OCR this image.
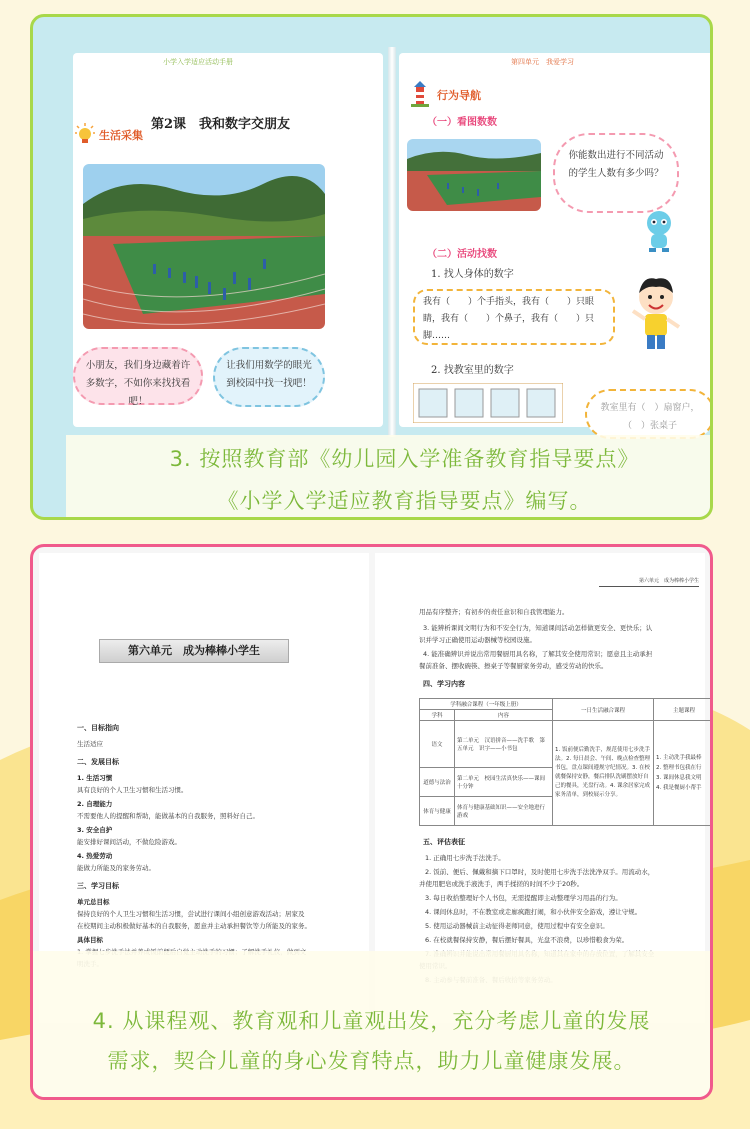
小学入学适应活动手册
第2课　我和数字交朋友
生活采集
小朋友，我们身边藏着许多数字，不如你来找找看吧！
让我们用数学的眼光到校园中找一找吧！
第四单元　我爱学习
行为导航
（一）看图数数
你能数出进行不同活动的学生人数有多少吗？
（二）活动找数
1. 找人身体的数字
我有（　　）个手指头，我有（　　）只眼睛，我有（　　）个鼻子，我有（　　）只脚……
2. 找教室里的数字
教室里有（　）扇窗户，（　）张桌子
3. 按照教育部《幼儿园入学准备教育指导要点》
《小学入学适应教育指导要点》编写。
第六单元　成为棒棒小学生
第六单元　成为棒棒小学生
一、目标指向
生活适应
二、发展目标
1. 生活习惯
具有良好的个人卫生习惯和生活习惯。
2. 自理能力
不需要他人的提醒和帮助，能做基本的自我服务，照料好自己。
3. 安全自护
能安排好课间活动，不做危险游戏。
4. 热爱劳动
能做力所能及的家务劳动。
三、学习目标
单元总目标
保持良好的个人卫生习惯和生活习惯，尝试进行课间小组创意游戏活动；居家及
在校期间主动积极做好基本的自我服务，愿意并主动承担餐饮等力所能及的家务。
具体目标
用品有序整齐；有初步的责任意识和自我管理能力。
3. 能辨析课间文明行为和不安全行为，知道课间活动怎样做更安全、更快乐；认
识并学习正确使用运动器械等校园设施。
4. 能准确辨识并说出常用餐厨用具名称，了解其安全使用常识；愿意且主动承担
餐前准备、摆收碗筷、擦桌子等餐厨家务劳动，感受劳动的快乐。
四、学习内容
学科融合课程（一年级上册）		一日生活融合课程	主题课程
学科	内容		
语文	第二单元　汉语拼音——洗手歌　第五单元　识字——小书包	1. 饭前便后勤洗手，规范使用七步洗手法。2. 每日晨会、午间、晚点检查整理书包，盘点课间遵规守纪情况。3. 在校就餐保持安静，餐后排队洗刷摆放好自己的餐具，光盘行动。4. 课余居家完成家务清单，到校展示分享。	1. 主动洗手我最棒　2. 整理书包我在行　3. 课间休息我文明　4. 我是餐厨小帮手
道德与法治	第二单元　校园生活真快乐——课间十分钟		
体育与健康	体育与健康基础知识——安全地进行游戏		
五、评估表征
1. 正确用七步洗手法洗手。
2. 饭前、便后、佩戴和摘下口罩时，及时使用七步洗手法洗净双手。用流动水，
并使用肥皂或洗手液洗手，两手揉搓的时间不少于20秒。
3. 每日收拾整理好个人书包，无需提醒即主动整理学习用品的行为。
4. 课间休息时，不在教室或走廊疯跑打闹，和小伙伴安全游戏，遵让守规。
5. 使用运动器械前主动征得老师同意，使用过程中有安全意识。
6. 在校就餐保持安静，餐后摆好餐具，光盘不浪费，以珍惜粮食为荣。
4. 从课程观、教育观和儿童观出发，充分考虑儿童的发展
需求，契合儿童的身心发育特点，助力儿童健康发展。
